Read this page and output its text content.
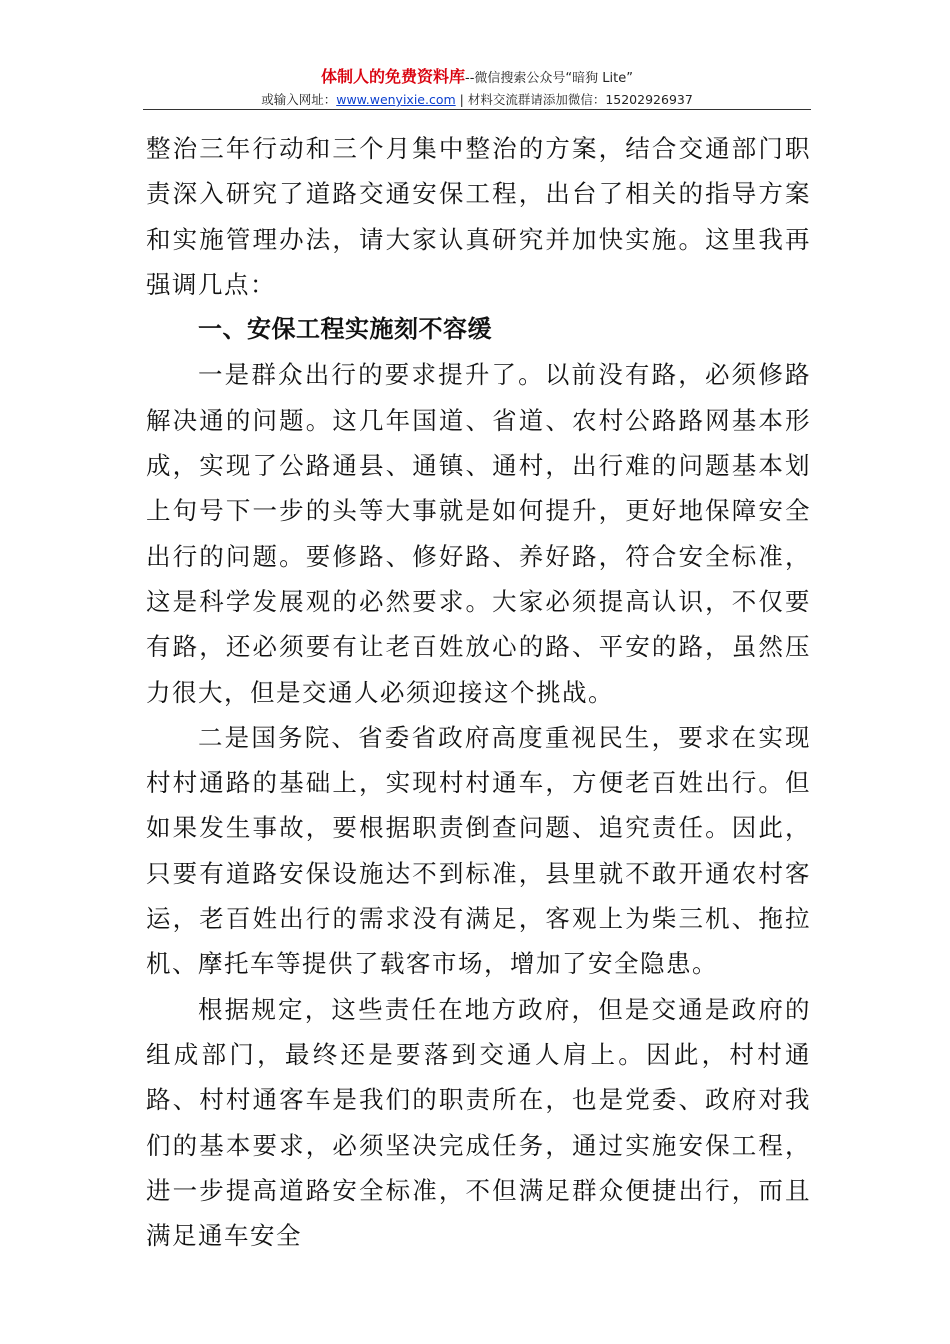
体制人的免费资料库--微信搜索公众号“暗狗 Lite”
或输入网址：www.wenyixie.com | 材料交流群请添加微信：15202926937

整治三年行动和三个月集中整治的方案，结合交通部门职责深入研究了道路交通安保工程，出台了相关的指导方案和实施管理办法，请大家认真研究并加快实施。这里我再强调几点：

一、安保工程实施刻不容缓

一是群众出行的要求提升了。以前没有路，必须修路解决通的问题。这几年国道、省道、农村公路路网基本形成，实现了公路通县、通镇、通村，出行难的问题基本划上句号下一步的头等大事就是如何提升，更好地保障安全出行的问题。要修路、修好路、养好路，符合安全标准，这是科学发展观的必然要求。大家必须提高认识，不仅要有路，还必须要有让老百姓放心的路、平安的路，虽然压力很大，但是交通人必须迎接这个挑战。

二是国务院、省委省政府高度重视民生，要求在实现村村通路的基础上，实现村村通车，方便老百姓出行。但如果发生事故，要根据职责倒查问题、追究责任。因此，只要有道路安保设施达不到标准，县里就不敢开通农村客运，老百姓出行的需求没有满足，客观上为柴三机、拖拉机、摩托车等提供了载客市场，增加了安全隐患。

根据规定，这些责任在地方政府，但是交通是政府的组成部门，最终还是要落到交通人肩上。因此，村村通路、村村通客车是我们的职责所在，也是党委、政府对我们的基本要求，必须坚决完成任务，通过实施安保工程，进一步提高道路安全标准，不但满足群众便捷出行，而且满足通车安全
